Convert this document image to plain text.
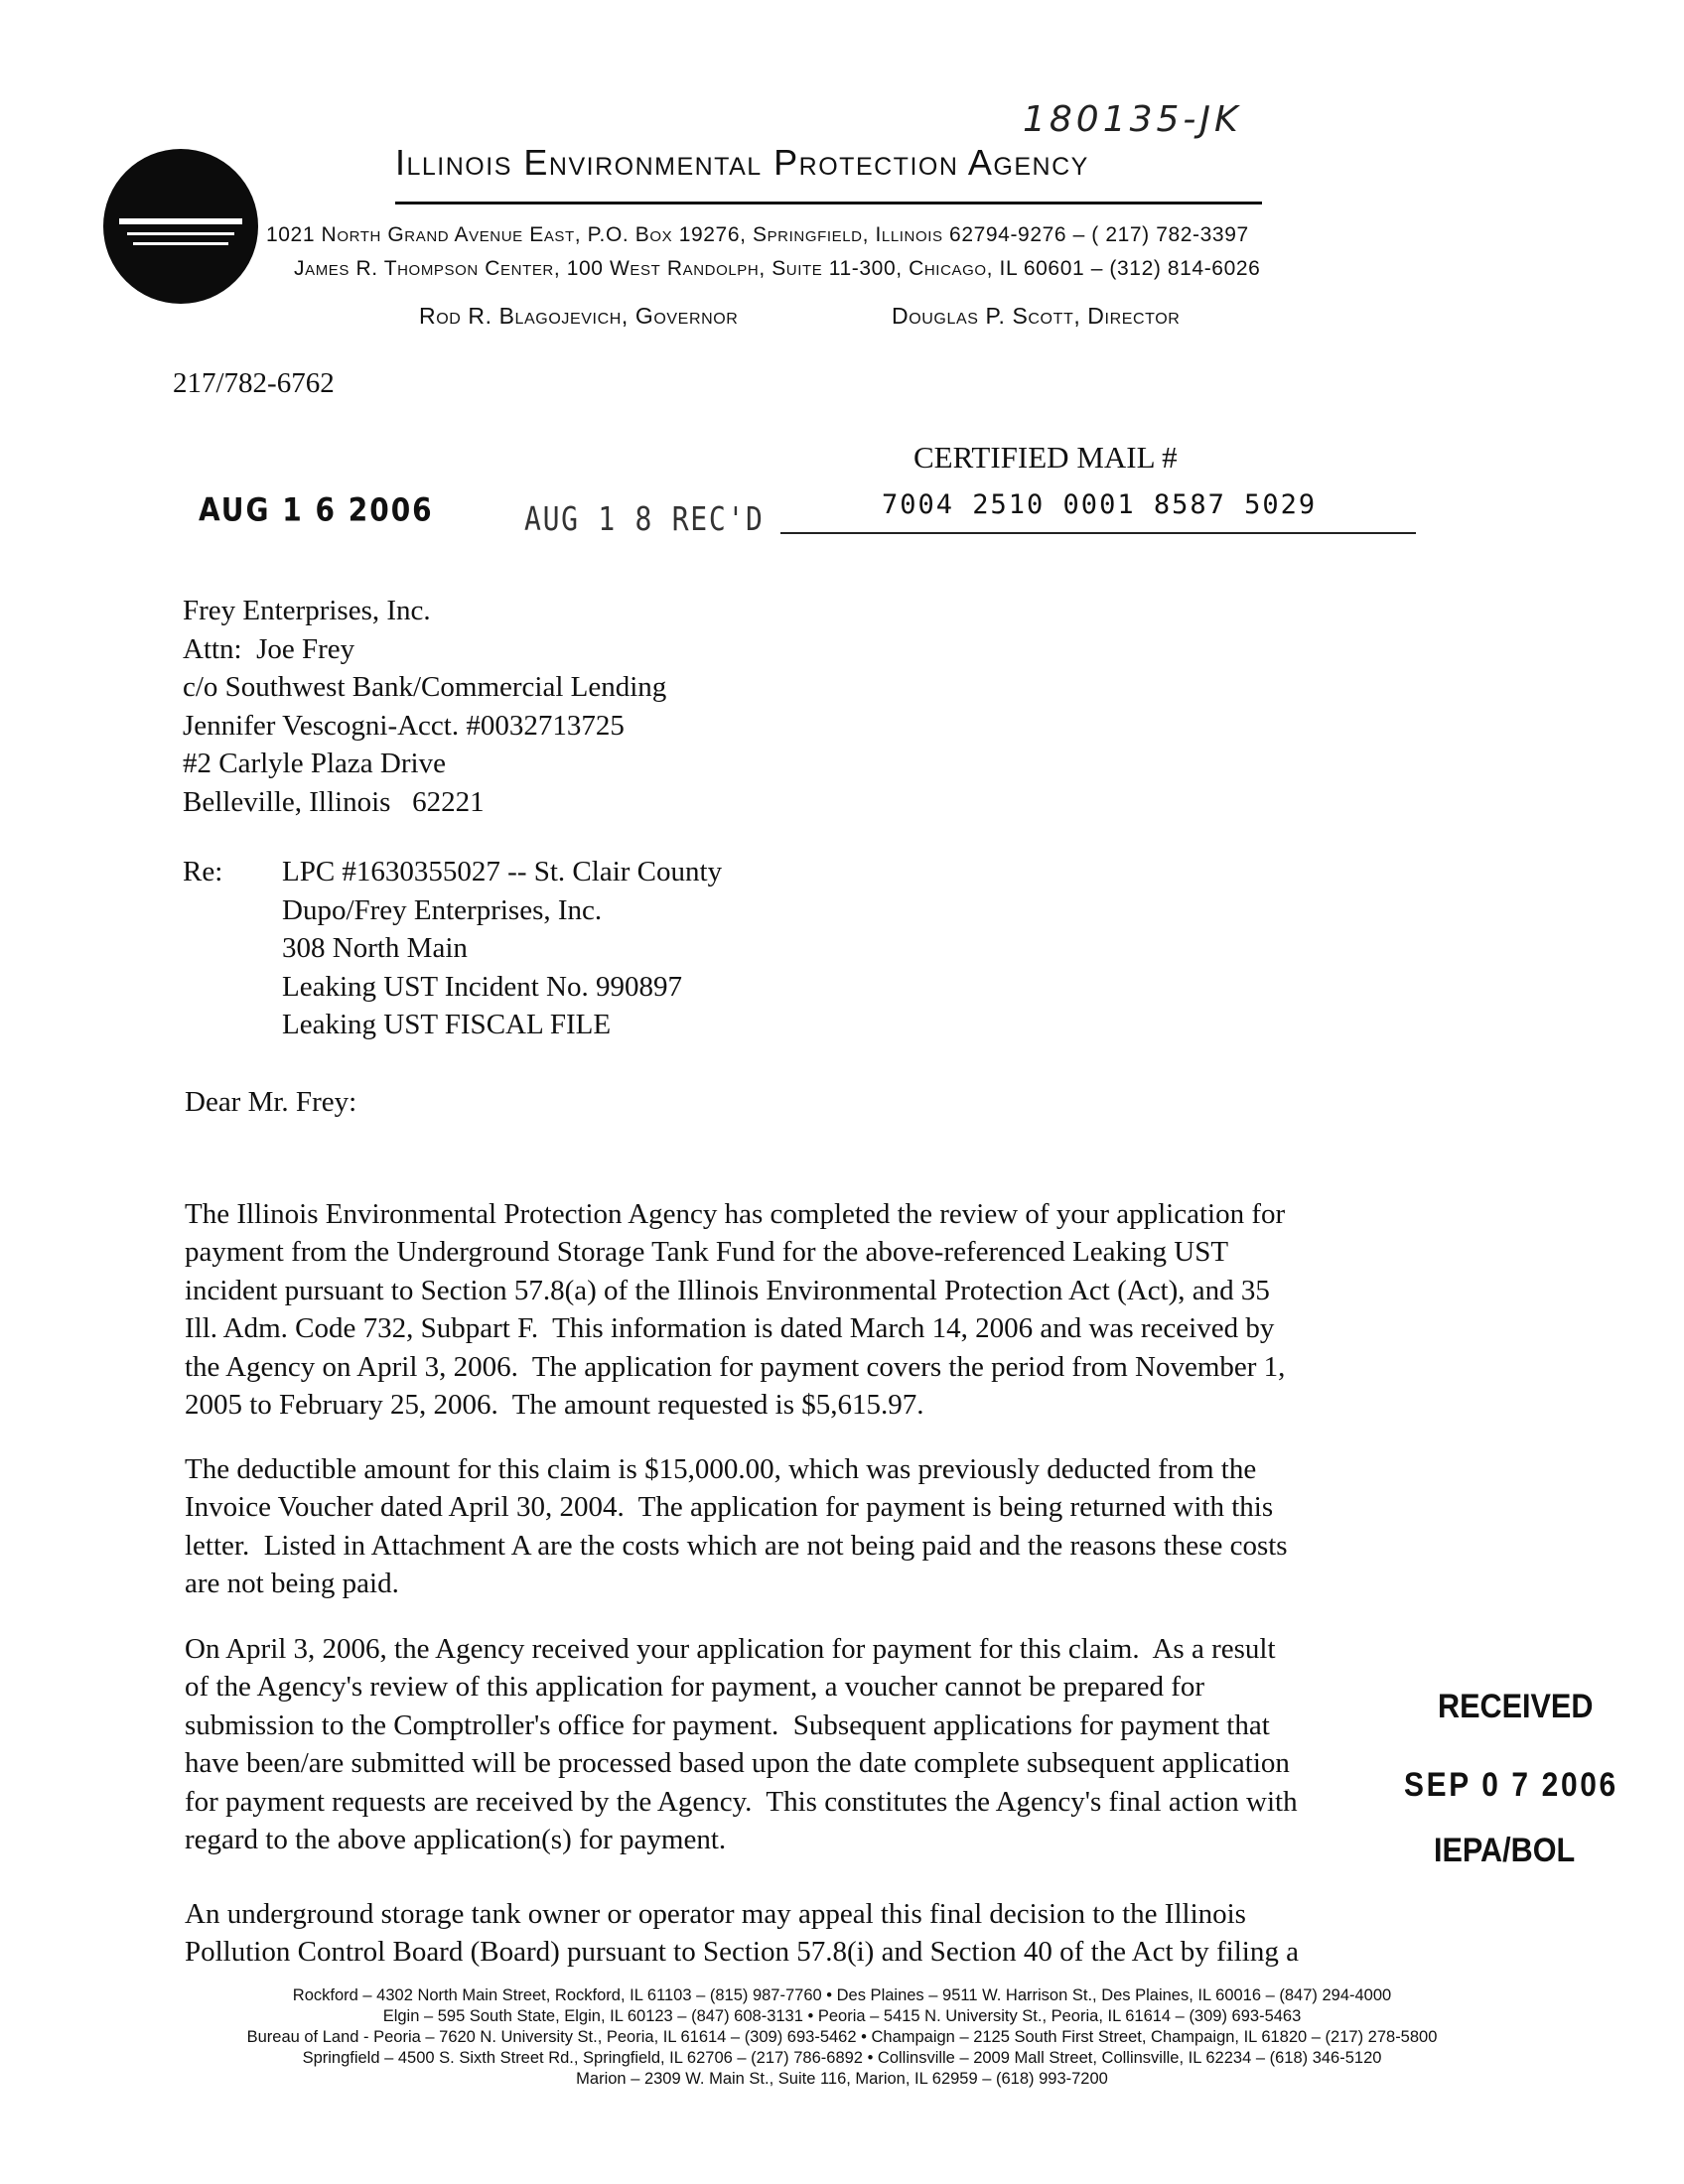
180135-JK
Illinois Environmental Protection Agency
1021 North Grand Avenue East, P.O. Box 19276, Springfield, Illinois 62794-9276 – ( 217) 782-3397
James R. Thompson Center, 100 West Randolph, Suite 11-300, Chicago, IL 60601 – (312) 814-6026
Rod R. Blagojevich, Governor	Douglas P. Scott, Director
217/782-6762
CERTIFIED MAIL #
7004 2510 0001 8587 5029
AUG 1 6 2006	AUG 1 8 REC'D
Frey Enterprises, Inc.
Attn:  Joe Frey
c/o Southwest Bank/Commercial Lending
Jennifer Vescogni-Acct. #0032713725
#2 Carlyle Plaza Drive
Belleville, Illinois   62221
Re: LPC #1630355027 -- St. Clair County
Dupo/Frey Enterprises, Inc.
308 North Main
Leaking UST Incident No. 990897
Leaking UST FISCAL FILE
Dear Mr. Frey:

The Illinois Environmental Protection Agency has completed the review of your application for
payment from the Underground Storage Tank Fund for the above-referenced Leaking UST
incident pursuant to Section 57.8(a) of the Illinois Environmental Protection Act (Act), and 35
Ill. Adm. Code 732, Subpart F.  This information is dated March 14, 2006 and was received by
the Agency on April 3, 2006.  The application for payment covers the period from November 1,
2005 to February 25, 2006.  The amount requested is $5,615.97.

The deductible amount for this claim is $15,000.00, which was previously deducted from the
Invoice Voucher dated April 30, 2004.  The application for payment is being returned with this
letter.  Listed in Attachment A are the costs which are not being paid and the reasons these costs
are not being paid.

On April 3, 2006, the Agency received your application for payment for this claim.  As a result
of the Agency's review of this application for payment, a voucher cannot be prepared for
submission to the Comptroller's office for payment.  Subsequent applications for payment that
have been/are submitted will be processed based upon the date complete subsequent application
for payment requests are received by the Agency.  This constitutes the Agency's final action with
regard to the above application(s) for payment.

An underground storage tank owner or operator may appeal this final decision to the Illinois
Pollution Control Board (Board) pursuant to Section 57.8(i) and Section 40 of the Act by filing a

RECEIVED
SEP 0 7 2006
IEPA/BOL
Rockford – 4302 North Main Street, Rockford, IL 61103 – (815) 987-7760 • Des Plaines – 9511 W. Harrison St., Des Plaines, IL 60016 – (847) 294-4000
Elgin – 595 South State, Elgin, IL 60123 – (847) 608-3131 • Peoria – 5415 N. University St., Peoria, IL 61614 – (309) 693-5463
Bureau of Land - Peoria – 7620 N. University St., Peoria, IL 61614 – (309) 693-5462 • Champaign – 2125 South First Street, Champaign, IL 61820 – (217) 278-5800
Springfield – 4500 S. Sixth Street Rd., Springfield, IL 62706 – (217) 786-6892 • Collinsville – 2009 Mall Street, Collinsville, IL 62234 – (618) 346-5120
Marion – 2309 W. Main St., Suite 116, Marion, IL 62959 – (618) 993-7200
